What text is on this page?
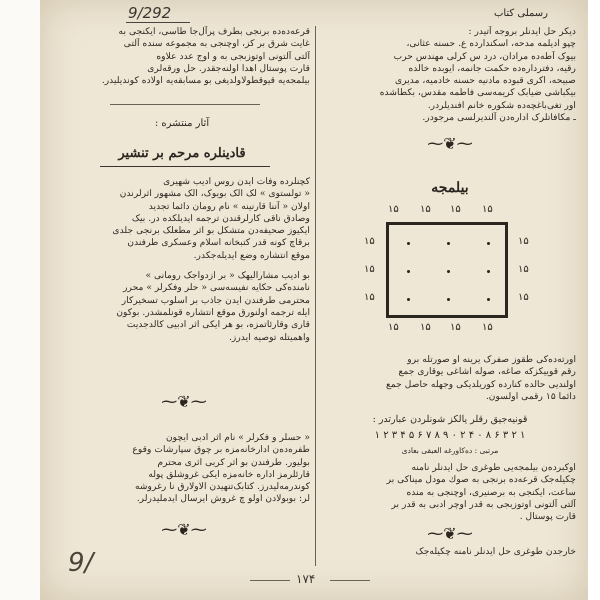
9/292	رسملی کتاب
قرعه‌ده‌ده برنجی بطرف پرآل‌جا طاسی، ایکنجی به
غایت شرق بر کز، اوچنجی به مجموعه سنده آلتی
آلتی آلتونی اوتوزبجی به و اوج عدد علاوه
قارت پوستال اهدا اولنه‌جقدر. حل ورقه‌لری
بیلمجه‌یه‌ قیوقطولاولدیغی بو مسابقه‌یه‌‌ اولاده کوندیلیدر.
آثار منتشره :
قادینلره مرحم بر تنشیر
کچنلرده وفات ایدن روس ادیب شهیری
« تولستوی » لک الک بویوک، الک مشهور اثرلرندن
اولان « آننا قارنینه » نام رومان دائما تجدید
وصادق ناقی کارلرقندن ترجمه ایدیلکده در. بیک
ایکیوز صحیفه‌دن متشکل بو اثر مطعلک برنجی جلدی
برقاچ کونه قدر کتبخانه اسلام وعسکری طرفندن
موقع انتشاره وضع ایدیله‌جکدر.
بو ادیب مشارالیهک « بر ازدواجک رومانی »
نامنده‌کی حکایه نفیسه‌سی « حلر وفکرلر » محرر
محترمی طرفندن ایدن جاذب بر اسلوب تسخیرکار
ایله ترجمه اولنورق موقع انتشاره قونلمشدر. بوکون
قاری وقارئاتمزه، بو هر ایکی اثر ادبیی کالدجدیت
واهمیتله توصیه ایدرز.
⁓❦⁓
« حسلر و فکرلر » نام اثر ادبی ایچون
طفره‌ده‌ن ادارخانه‌مزه بر چوق سپارشات وقوع
بولیور. طرفندن بو اثر کربی اثری محترم
قارئلرمز اداره خانه‌مزه ایکی غروشلق پوله
کوندرمه‌لیدرز. کتابک‌تنهیدن الاولارق نا رغروشه
لر: بوبولادن اولو چ غروش ایرسال ایدملیدرلر.
⁓❦⁓
دیکر حل ایدنلر بروجه آتیدر :
چپو ادیلمه مدحه، اسکندارده ع. حسنه عثانی،
بیوک آطه‌ده مرادان، درد س کرلی مهندس حرب
رقیه، دفترداره‌ده‌ حکمت جانمه، ایوبده خالده
صبیحه، اکری قبوده مادنیه حسنه خادمیه، مدیری
بیکباشی‌ ضیابک کریمه‌سی فاطمه مقدس، بکطاشده
اور تغی‌باغچه‌ده شکوره خانم افندیلردر.
ـ مکافاتلرک اداره‌دن آلندیرلسی مرجودر.
⁓❦⁓
بیلمجه
۱۵ ۱۵ ۱۵ ۱۵
۱۵ ۱۵ ۱۵ ۱۵
۱۵
۱۵
۱۵
۱۵
۱۵
۱۵
اورته‌ده‌کی طقوز صفرک یرینه او صورتله برو
رقم قوییکزکه صاغه، صوله اشاغی یوقاری جمع
اولندیی حالده کنارده کوریلدیکی وجهله حاصل جمع
دائما ۱۵ رقمی اولسون.
قونیه‌جیق رقلر یالکز شونلردن عبارتدر :
۱ ۲ ۳ ۴ ۵ ۶ ۷ ۸ ۹ ۰ ۲ ۴ ۰ ۸ ۶ ۳ ۲ ۱
مرتبی : ده‌کاورغه العبقی بعادی
اوکبرده‌ن بیلمجه‌یی طوغری حل ایدنلر نامنه
چکیله‌جک قرعه‌ده برنجی به صوك مودل میناکی بر
ساعت، ایکنجی به برصنیری، اوچنجی به منده
آلتی آلتونی اوتوزبجی به قدر اوچر ادبی به قدر بر
قارت پوستال .
⁓❦⁓
خارجدن طوغری حل ایدنلر نامنه چکیله‌جک
۱۷۴
9/
